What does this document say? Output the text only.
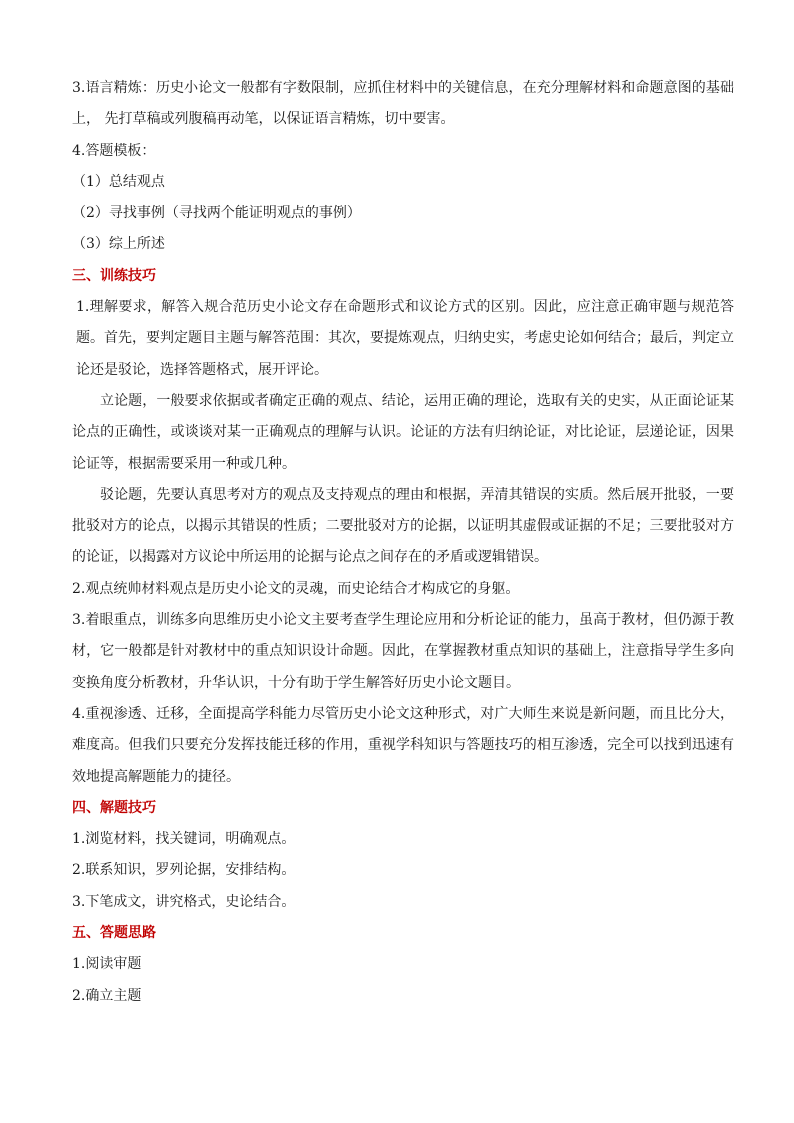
3.语言精炼：历史小论文一般都有字数限制，应抓住材料中的关键信息，在充分理解材料和命题意图的基础上， 先打草稿或列腹稿再动笔，以保证语言精炼，切中要害。

4.答题模板：

（1）总结观点

（2）寻找事例（寻找两个能证明观点的事例）

（3）综上所述

三、训练技巧

1.理解要求，解答入规合范历史小论文存在命题形式和议论方式的区别。因此，应注意正确审题与规范答题。首先，要判定题目主题与解答范围：其次，要提炼观点，归纳史实，考虑史论如何结合；最后，判定立论还是驳论，选择答题格式，展开评论。

立论题，一般要求依据或者确定正确的观点、结论，运用正确的理论，选取有关的史实，从正面论证某论点的正确性，或谈谈对某一正确观点的理解与认识。论证的方法有归纳论证，对比论证，层递论证，因果论证等，根据需要采用一种或几种。

驳论题，先要认真思考对方的观点及支持观点的理由和根据，弄清其错误的实质。然后展开批驳，一要批驳对方的论点，以揭示其错误的性质；二要批驳对方的论据，以证明其虚假或证据的不足；三要批驳对方的论证，以揭露对方议论中所运用的论据与论点之间存在的矛盾或逻辑错误。

2.观点统帅材料观点是历史小论文的灵魂，而史论结合才构成它的身躯。

3.着眼重点，训练多向思维历史小论文主要考查学生理论应用和分析论证的能力，虽高于教材，但仍源于教材，它一般都是针对教材中的重点知识设计命题。因此，在掌握教材重点知识的基础上，注意指导学生多向变换角度分析教材，升华认识，十分有助于学生解答好历史小论文题目。

4.重视渗透、迁移，全面提高学科能力尽管历史小论文这种形式，对广大师生来说是新问题，而且比分大，难度高。但我们只要充分发挥技能迁移的作用，重视学科知识与答题技巧的相互渗透，完全可以找到迅速有效地提高解题能力的捷径。

四、解题技巧

1.浏览材料，找关键词，明确观点。

2.联系知识，罗列论据，安排结构。

3.下笔成文，讲究格式，史论结合。

五、答题思路

1.阅读审题

2.确立主题
